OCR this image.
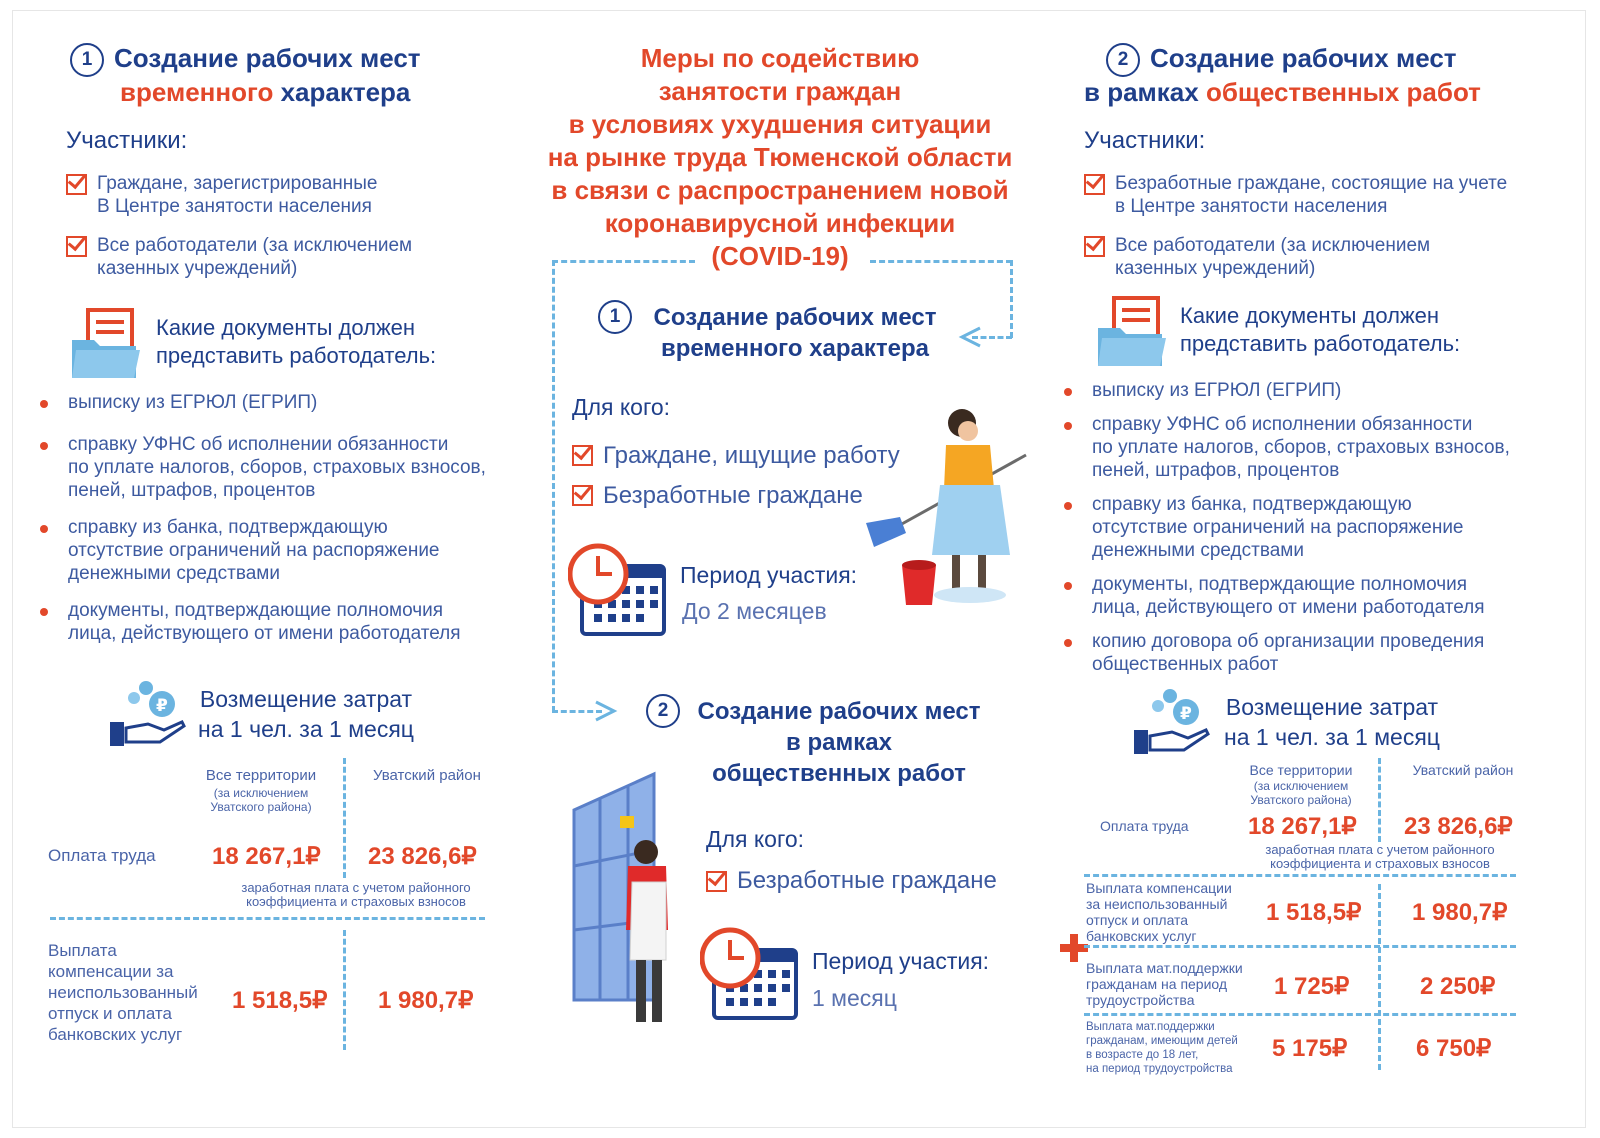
1 Создание рабочих мест
временного характера
Участники:
Граждане, зарегистрированные
В Центре занятости населения
Все работодатели (за исключением
казенных учреждений)
Какие документы должен
представить работодатель:
выписку из ЕГРЮЛ (ЕГРИП)
справку УФНС об исполнении обязанности
по уплате налогов, сборов, страховых взносов,
пеней, штрафов, процентов
справку из банка, подтверждающую
отсутствие ограничений на распоряжение
денежными средствами
документы, подтверждающие полномочия
лица, действующего от имени работодателя
₽	Возмещение затрат
на 1 чел. за 1 месяц
Все территории
(за исключением
Уватского района)
Уватский район
Оплата труда 18 267,1₽ 23 826,6₽
заработная плата с учетом районного
коэффициента и страховых взносов
Выплата
компенсации за
неиспользованный
отпуск и оплата
банковских услуг
1 518,5₽ 1 980,7₽
Меры по содействию
занятости граждан
в условиях ухудшения ситуации
на рынке труда Тюменской области
в связи с распространением новой
коронавирусной инфекции
(COVID-19)
1	Создание рабочих мест
временного характера
Для кого:
Граждане, ищущие работу
Безработные граждане
Период участия:
До 2 месяцев
2	Создание рабочих мест
в рамках
общественных работ
Для кого:
Безработные граждане
Период участия:
1 месяц
2 Создание рабочих мест
в рамках общественных работ
Участники:
Безработные граждане, состоящие на учете
в Центре занятости населения
Все работодатели (за исключением
казенных учреждений)
Какие документы должен
представить работодатель:
выписку из ЕГРЮЛ (ЕГРИП)
справку УФНС об исполнении обязанности
по уплате налогов, сборов, страховых взносов,
пеней, штрафов, процентов
справку из банка, подтверждающую
отсутствие ограничений на распоряжение
денежными средствами
документы, подтверждающие полномочия
лица, действующего от имени работодателя
копию договора об организации проведения
общественных работ
₽	Возмещение затрат
на 1 чел. за 1 месяц
Все территории
(за исключением
Уватского района)
Уватский район
Оплата труда 18 267,1₽ 23 826,6₽
заработная плата с учетом районного
коэффициента и страховых взносов
Выплата компенсации
за неиспользованный
отпуск и оплата
банковских услуг
1 518,5₽ 1 980,7₽
Выплата мат.поддержки
гражданам на период
трудоустройства	1 725₽	2 250₽
Выплата мат.поддержки
гражданам, имеющим детей
в возрасте до 18 лет,
на период трудоустройства
5 175₽	6 750₽
